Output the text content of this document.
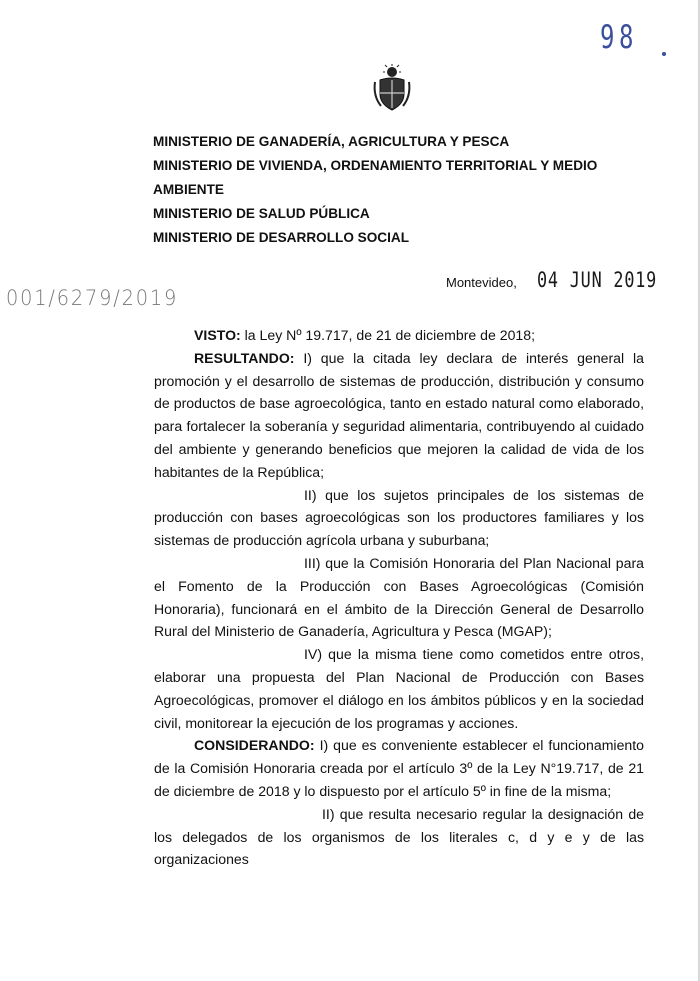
98
MINISTERIO DE GANADERÍA, AGRICULTURA Y PESCA
MINISTERIO DE VIVIENDA, ORDENAMIENTO TERRITORIAL Y MEDIO
AMBIENTE
MINISTERIO DE SALUD PÚBLICA
MINISTERIO DE DESARROLLO SOCIAL
Montevideo, 04 JUN 2019
001/6279/2019

VISTO: la Ley Nº 19.717, de 21 de diciembre de 2018;

RESULTANDO: I) que la citada ley declara de interés general la promoción y el desarrollo de sistemas de producción, distribución y consumo de productos de base agroecológica, tanto en estado natural como elaborado, para fortalecer la soberanía y seguridad alimentaria, contribuyendo al cuidado del ambiente y generando beneficios que mejoren la calidad de vida de los habitantes de la República;

II) que los sujetos principales de los sistemas de producción con bases agroecológicas son los productores familiares y los sistemas de producción agrícola urbana y suburbana;

III) que la Comisión Honoraria del Plan Nacional para el Fomento de la Producción con Bases Agroecológicas (Comisión Honoraria), funcionará en el ámbito de la Dirección General de Desarrollo Rural del Ministerio de Ganadería, Agricultura y Pesca (MGAP);

IV) que la misma tiene como cometidos entre otros, elaborar una propuesta del Plan Nacional de Producción con Bases Agroecológicas, promover el diálogo en los ámbitos públicos y en la sociedad civil, monitorear la ejecución de los programas y acciones.

CONSIDERANDO: I) que es conveniente establecer el funcionamiento de la Comisión Honoraria creada por el artículo 3º de la Ley N°19.717, de 21 de diciembre de 2018 y lo dispuesto por el artículo 5º in fine de la misma;

II) que resulta necesario regular la designación de los delegados de los organismos de los literales c, d y e y de las organizaciones
